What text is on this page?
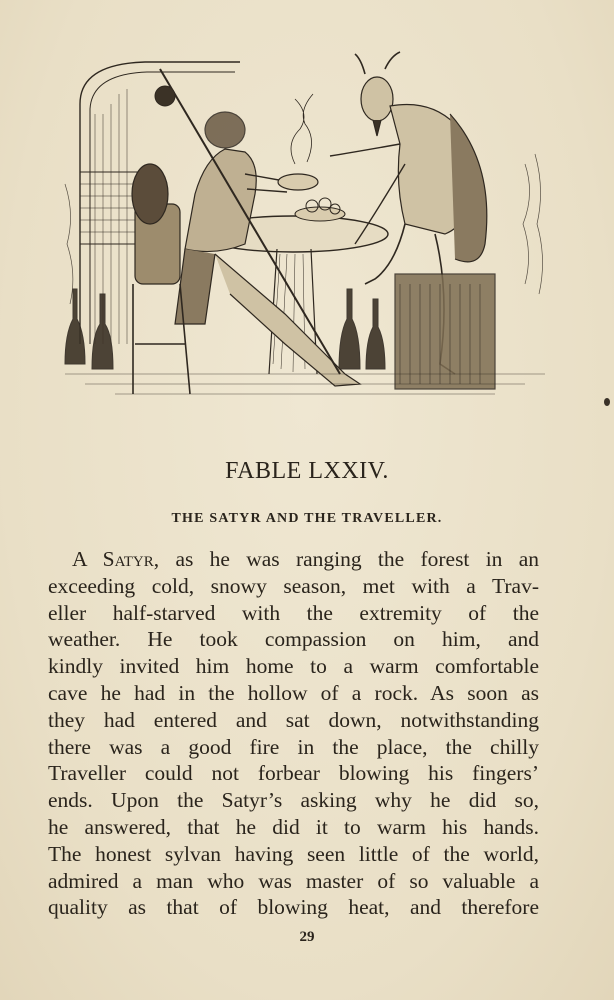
FABLE LXXIV.
THE SATYR AND THE TRAVELLER.
A Satyr, as he was ranging the forest in an
exceeding cold, snowy season, met with a Trav-
eller half-starved with the extremity of the
weather. He took compassion on him, and
kindly invited him home to a warm comfortable
cave he had in the hollow of a rock. As soon as
they had entered and sat down, notwithstanding
there was a good fire in the place, the chilly
Traveller could not forbear blowing his fingers’
ends. Upon the Satyr’s asking why he did so,
he answered, that he did it to warm his hands.
The honest sylvan having seen little of the world,
admired a man who was master of so valuable a
quality as that of blowing heat, and therefore
29
